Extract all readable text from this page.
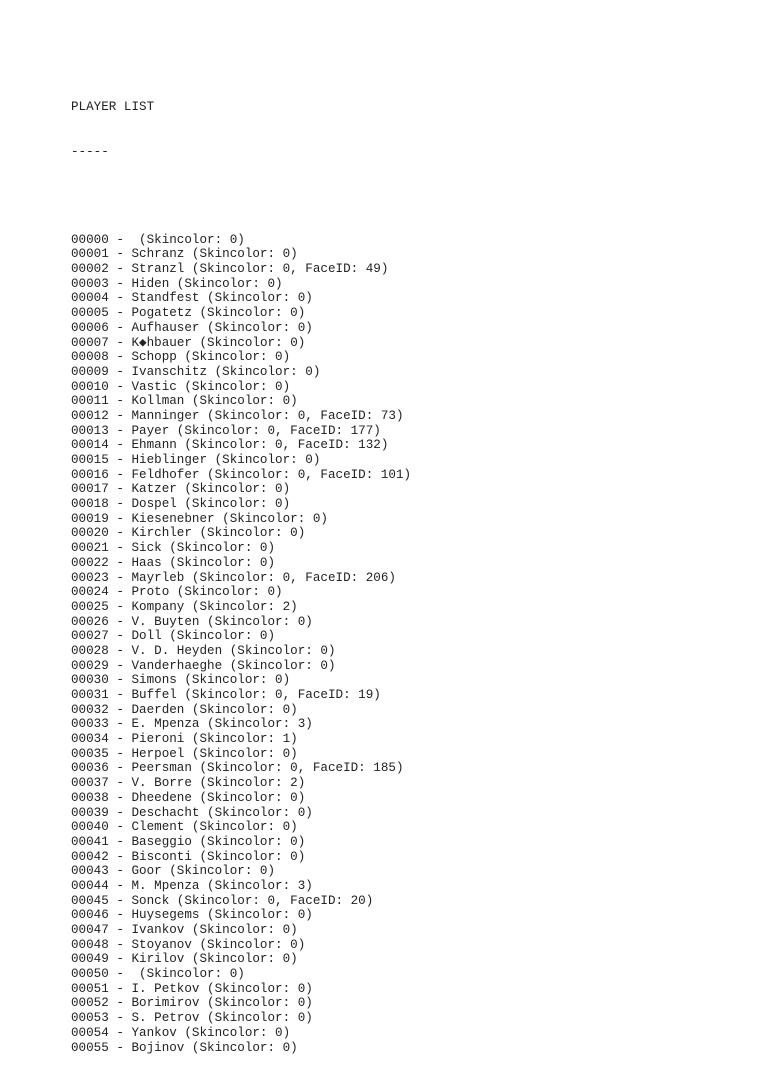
PLAYER LIST

-----

00000 -  (Skincolor: 0)
00001 - Schranz (Skincolor: 0)
00002 - Stranzl (Skincolor: 0, FaceID: 49)
00003 - Hiden (Skincolor: 0)
00004 - Standfest (Skincolor: 0)
00005 - Pogatetz (Skincolor: 0)
00006 - Aufhauser (Skincolor: 0)
00007 - K◆hbauer (Skincolor: 0)
00008 - Schopp (Skincolor: 0)
00009 - Ivanschitz (Skincolor: 0)
00010 - Vastic (Skincolor: 0)
00011 - Kollman (Skincolor: 0)
00012 - Manninger (Skincolor: 0, FaceID: 73)
00013 - Payer (Skincolor: 0, FaceID: 177)
00014 - Ehmann (Skincolor: 0, FaceID: 132)
00015 - Hieblinger (Skincolor: 0)
00016 - Feldhofer (Skincolor: 0, FaceID: 101)
00017 - Katzer (Skincolor: 0)
00018 - Dospel (Skincolor: 0)
00019 - Kiesenebner (Skincolor: 0)
00020 - Kirchler (Skincolor: 0)
00021 - Sick (Skincolor: 0)
00022 - Haas (Skincolor: 0)
00023 - Mayrleb (Skincolor: 0, FaceID: 206)
00024 - Proto (Skincolor: 0)
00025 - Kompany (Skincolor: 2)
00026 - V. Buyten (Skincolor: 0)
00027 - Doll (Skincolor: 0)
00028 - V. D. Heyden (Skincolor: 0)
00029 - Vanderhaeghe (Skincolor: 0)
00030 - Simons (Skincolor: 0)
00031 - Buffel (Skincolor: 0, FaceID: 19)
00032 - Daerden (Skincolor: 0)
00033 - E. Mpenza (Skincolor: 3)
00034 - Pieroni (Skincolor: 1)
00035 - Herpoel (Skincolor: 0)
00036 - Peersman (Skincolor: 0, FaceID: 185)
00037 - V. Borre (Skincolor: 2)
00038 - Dheedene (Skincolor: 0)
00039 - Deschacht (Skincolor: 0)
00040 - Clement (Skincolor: 0)
00041 - Baseggio (Skincolor: 0)
00042 - Bisconti (Skincolor: 0)
00043 - Goor (Skincolor: 0)
00044 - M. Mpenza (Skincolor: 3)
00045 - Sonck (Skincolor: 0, FaceID: 20)
00046 - Huysegems (Skincolor: 0)
00047 - Ivankov (Skincolor: 0)
00048 - Stoyanov (Skincolor: 0)
00049 - Kirilov (Skincolor: 0)
00050 -  (Skincolor: 0)
00051 - I. Petkov (Skincolor: 0)
00052 - Borimirov (Skincolor: 0)
00053 - S. Petrov (Skincolor: 0)
00054 - Yankov (Skincolor: 0)
00055 - Bojinov (Skincolor: 0)
